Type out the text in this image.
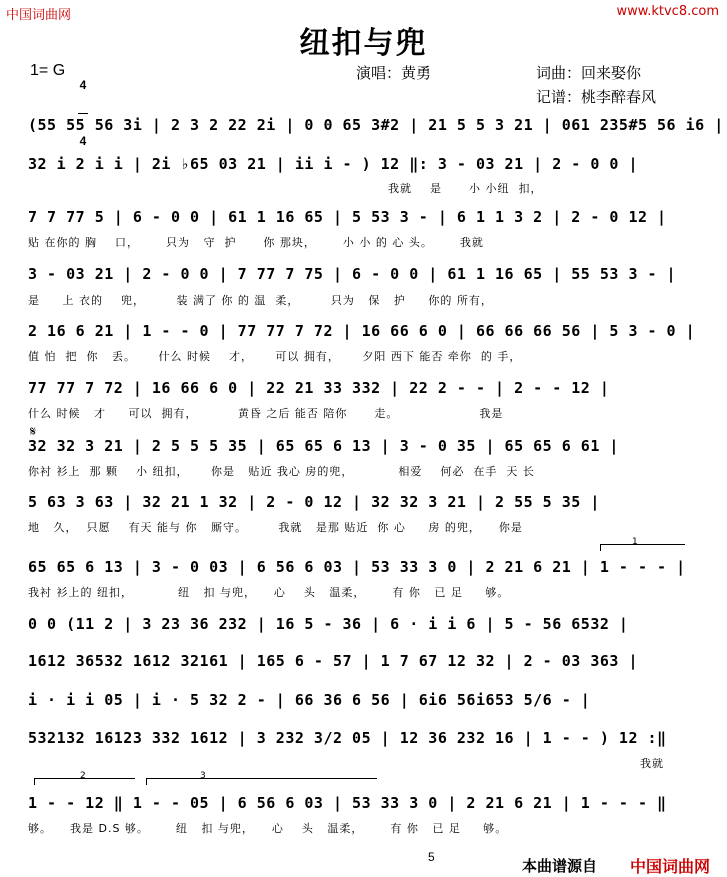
中国词曲网	www.ktvc8.com
纽扣与兜
1= G

4

4

演唱：黄勇	词曲：回来娶你
记谱：桃李醉春风
(55 55 56 3i | 2 3 2 22 2i | 0 0 65 3#2 | 21 5 5 3 21 | 061 235#5 56 i6 |
32 i 2 i i | 2i ♭65 03 21 | ii i - ) 12 ‖: 3 - 03 21 | 2 - 0 0 |
我就    是      小 小纽  扣，
7 7 77 5 | 6 - 0 0 | 61 1 16 65 | 5 53 3 - | 6 1 1 3 2 | 2 - 0 12 |
贴 在你的 胸    口，      只为   守  护      你 那块，      小 小 的 心 头。      我就
3 - 03 21 | 2 - 0 0 | 7 77 7 75 | 6 - 0 0 | 61 1 16 65 | 55 53 3 - |
是     上 衣的    兜，       装 满了 你 的 温  柔，       只为   保   护     你的 所有，
2 16 6 21 | 1 - - 0 | 77 77 7 72 | 16 66 6 0 | 66 66 66 56 | 5 3 - 0 |
值 怕  把  你   丢。     什么 时候    才，     可以 拥有，     夕阳 西下 能否 牵你  的 手，
77 77 7 72 | 16 66 6 0 | 22 21 33 332 | 22 2 - - | 2 - - 12 |
什么 时候   才     可以  拥有，         黄昏 之后 能否 陪你      走。                  我是
𝄋
32 32 3 21 | 2 5 5 5 35 | 65 65 6 13 | 3 - 0 35 | 65 65 6 61 |
你衬 衫上  那 颗    小 纽扣，     你是   贴近 我心 房的兜，          相爱    何必  在手  天 长
5 63 3 63 | 32 21 1 32 | 2 - 0 12 | 32 32 3 21 | 2 55 5 35 |
地   久，  只愿    有天 能与 你   厮守。       我就   是那 贴近  你 心     房 的兜，    你是
1
65 65 6 13 | 3 - 0 03 | 6 56 6 03 | 53 33 3 0 | 2 21 6 21 | 1 - - - |
我衬 衫上的 纽扣，          纽   扣 与兜，    心    头   温柔，      有 你   已 足     够。
0 0 (11 2 | 3 23 36 232 | 16 5 - 36 | 6 · i i 6 | 5 - 56 6532 |
1612 36532 1612 32161 | 165 6 - 57 | 1 7 67 12 32 | 2 - 03 363 |
i · i i 05 | i · 5 32 2 - | 66 36 6 56 | 6i6 56i653 5/6 - |
532132 16123 332 1612 | 3 232 3/2 05 | 12 36 232 16 | 1 - - ) 12 :‖
我就
2	3
1 - - 12 ‖ 1 - - 05 | 6 56 6 03 | 53 33 3 0 | 2 21 6 21 | 1 - - - ‖
够。    我是 D.S 够。      纽   扣 与兜，    心    头   温柔，      有 你   已 足     够。
5	本曲谱源自 中国词曲网
